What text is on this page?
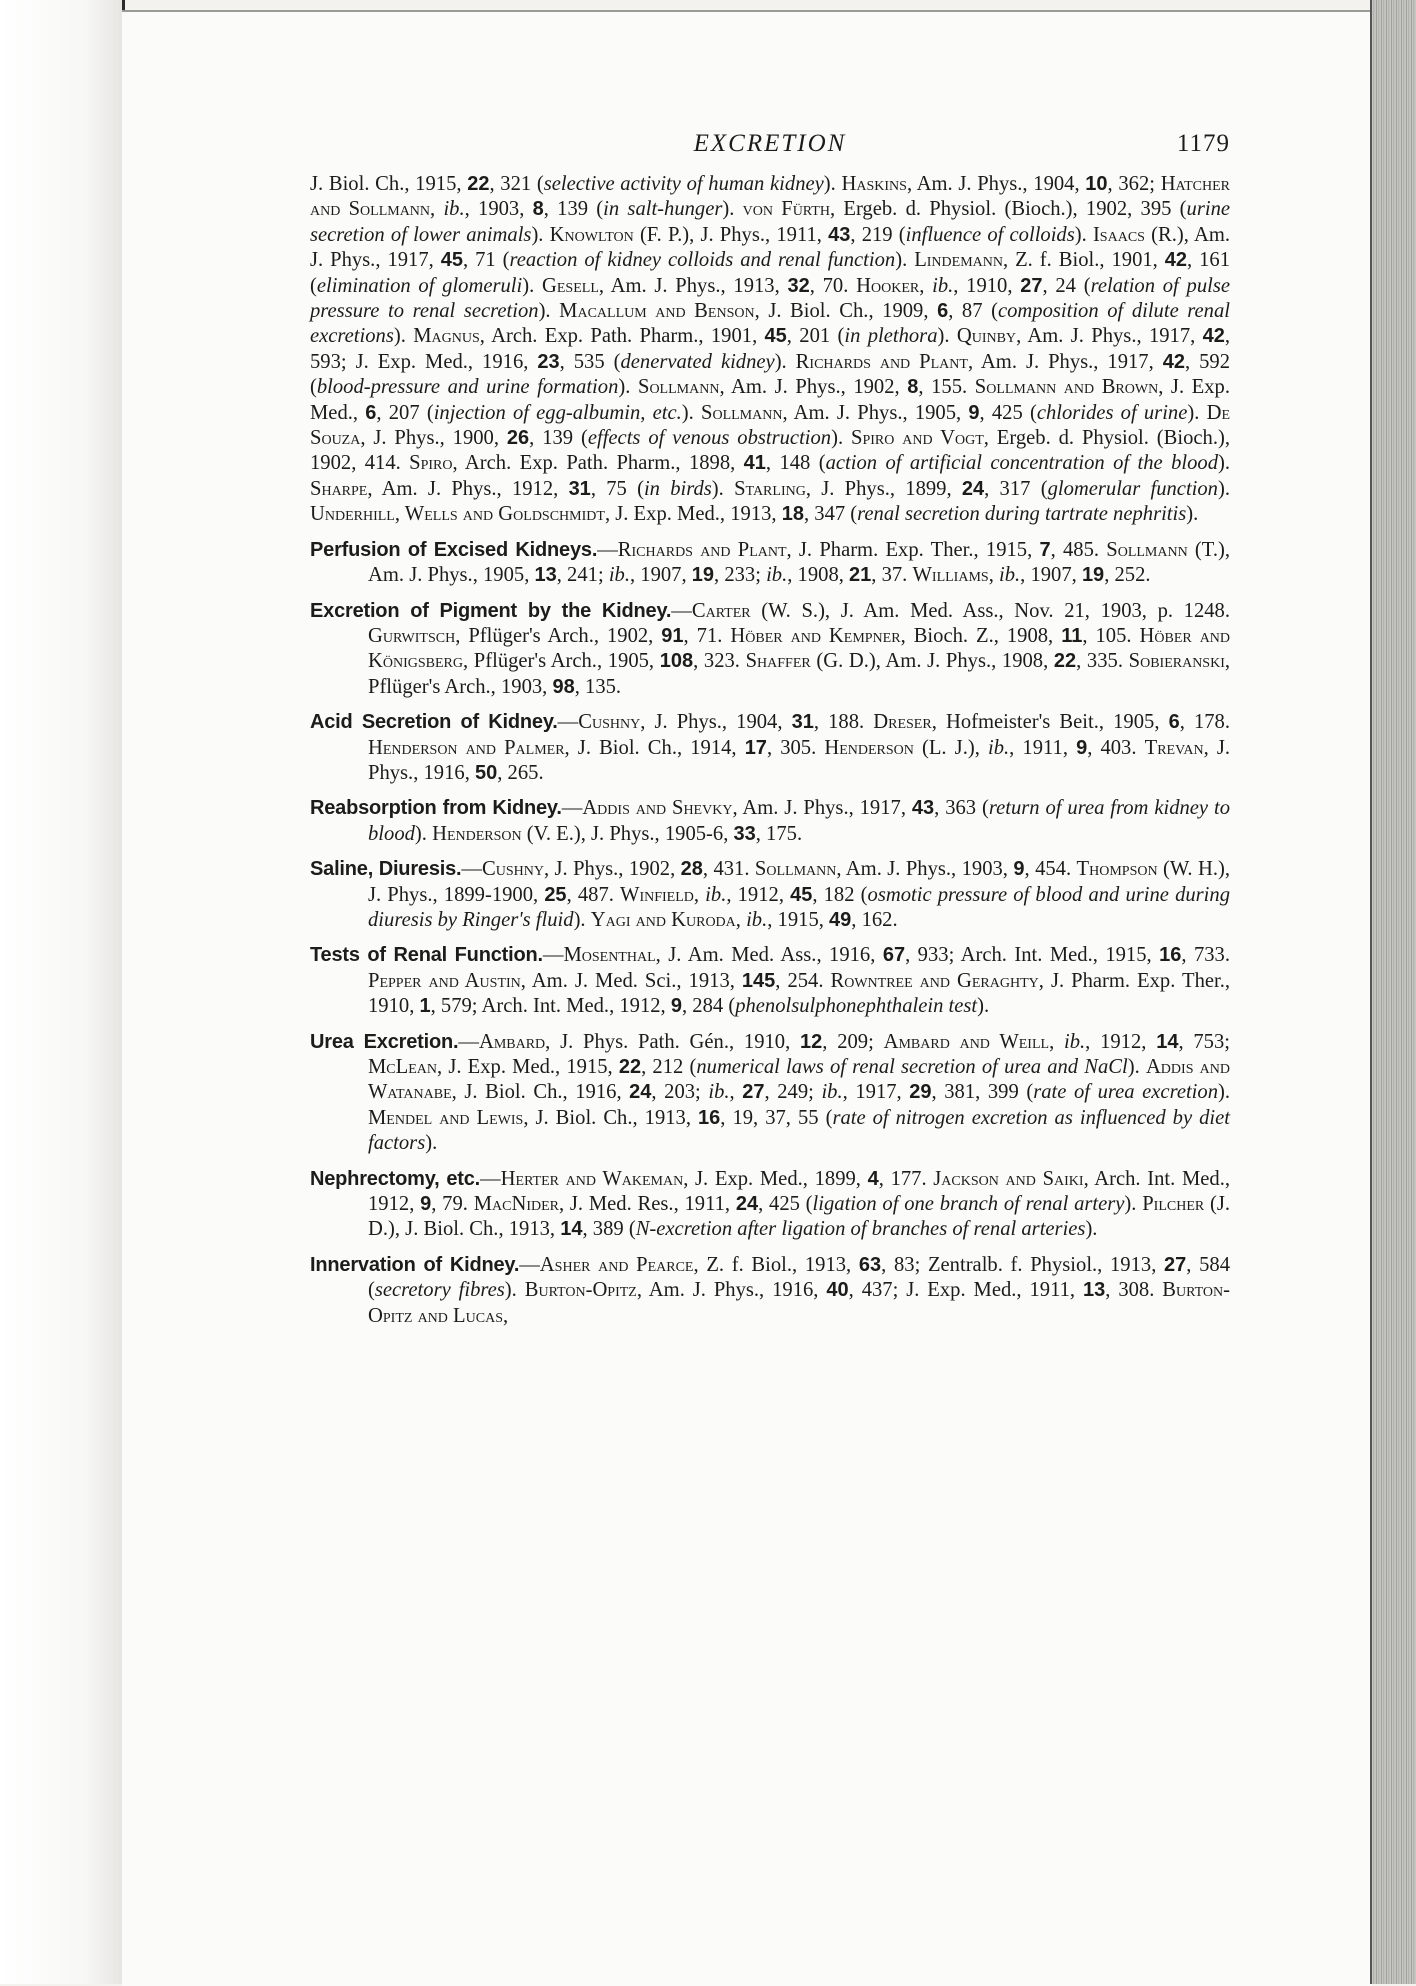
EXCRETION	1179

J. Biol. Ch., 1915, 22, 321 (selective activity of human kidney). Haskins, Am. J. Phys., 1904, 10, 362; Hatcher and Sollmann, ib., 1903, 8, 139 (in salt-hunger). von Fürth, Ergeb. d. Physiol. (Bioch.), 1902, 395 (urine secretion of lower animals). Knowlton (F. P.), J. Phys., 1911, 43, 219 (influence of colloids). Isaacs (R.), Am. J. Phys., 1917, 45, 71 (reaction of kidney colloids and renal function). Lindemann, Z. f. Biol., 1901, 42, 161 (elimination of glomeruli). Gesell, Am. J. Phys., 1913, 32, 70. Hooker, ib., 1910, 27, 24 (relation of pulse pressure to renal secretion). Macallum and Benson, J. Biol. Ch., 1909, 6, 87 (composition of dilute renal excretions). Magnus, Arch. Exp. Path. Pharm., 1901, 45, 201 (in plethora). Quinby, Am. J. Phys., 1917, 42, 593; J. Exp. Med., 1916, 23, 535 (denervated kidney). Richards and Plant, Am. J. Phys., 1917, 42, 592 (blood-pressure and urine formation). Sollmann, Am. J. Phys., 1902, 8, 155. Sollmann and Brown, J. Exp. Med., 6, 207 (injection of egg-albumin, etc.). Sollmann, Am. J. Phys., 1905, 9, 425 (chlorides of urine). De Souza, J. Phys., 1900, 26, 139 (effects of venous obstruction). Spiro and Vogt, Ergeb. d. Physiol. (Bioch.), 1902, 414. Spiro, Arch. Exp. Path. Pharm., 1898, 41, 148 (action of artificial concentration of the blood). Sharpe, Am. J. Phys., 1912, 31, 75 (in birds). Starling, J. Phys., 1899, 24, 317 (glomerular function). Underhill, Wells and Goldschmidt, J. Exp. Med., 1913, 18, 347 (renal secretion during tartrate nephritis).

Perfusion of Excised Kidneys.—Richards and Plant, J. Pharm. Exp. Ther., 1915, 7, 485. Sollmann (T.), Am. J. Phys., 1905, 13, 241; ib., 1907, 19, 233; ib., 1908, 21, 37. Williams, ib., 1907, 19, 252.

Excretion of Pigment by the Kidney.—Carter (W. S.), J. Am. Med. Ass., Nov. 21, 1903, p. 1248. Gurwitsch, Pflüger's Arch., 1902, 91, 71. Höber and Kempner, Bioch. Z., 1908, 11, 105. Höber and Königsberg, Pflüger's Arch., 1905, 108, 323. Shaffer (G. D.), Am. J. Phys., 1908, 22, 335. Sobieranski, Pflüger's Arch., 1903, 98, 135.

Acid Secretion of Kidney.—Cushny, J. Phys., 1904, 31, 188. Dreser, Hofmeister's Beit., 1905, 6, 178. Henderson and Palmer, J. Biol. Ch., 1914, 17, 305. Henderson (L. J.), ib., 1911, 9, 403. Trevan, J. Phys., 1916, 50, 265.

Reabsorption from Kidney.—Addis and Shevky, Am. J. Phys., 1917, 43, 363 (return of urea from kidney to blood). Henderson (V. E.), J. Phys., 1905-6, 33, 175.

Saline, Diuresis.—Cushny, J. Phys., 1902, 28, 431. Sollmann, Am. J. Phys., 1903, 9, 454. Thompson (W. H.), J. Phys., 1899-1900, 25, 487. Winfield, ib., 1912, 45, 182 (osmotic pressure of blood and urine during diuresis by Ringer's fluid). Yagi and Kuroda, ib., 1915, 49, 162.

Tests of Renal Function.—Mosenthal, J. Am. Med. Ass., 1916, 67, 933; Arch. Int. Med., 1915, 16, 733. Pepper and Austin, Am. J. Med. Sci., 1913, 145, 254. Rowntree and Geraghty, J. Pharm. Exp. Ther., 1910, 1, 579; Arch. Int. Med., 1912, 9, 284 (phenolsulphonephthalein test).

Urea Excretion.—Ambard, J. Phys. Path. Gén., 1910, 12, 209; Ambard and Weill, ib., 1912, 14, 753; McLean, J. Exp. Med., 1915, 22, 212 (numerical laws of renal secretion of urea and NaCl). Addis and Watanabe, J. Biol. Ch., 1916, 24, 203; ib., 27, 249; ib., 1917, 29, 381, 399 (rate of urea excretion). Mendel and Lewis, J. Biol. Ch., 1913, 16, 19, 37, 55 (rate of nitrogen excretion as influenced by diet factors).

Nephrectomy, etc.—Herter and Wakeman, J. Exp. Med., 1899, 4, 177. Jackson and Saiki, Arch. Int. Med., 1912, 9, 79. MacNider, J. Med. Res., 1911, 24, 425 (ligation of one branch of renal artery). Pilcher (J. D.), J. Biol. Ch., 1913, 14, 389 (N-excretion after ligation of branches of renal arteries).

Innervation of Kidney.—Asher and Pearce, Z. f. Biol., 1913, 63, 83; Zentralb. f. Physiol., 1913, 27, 584 (secretory fibres). Burton-Opitz, Am. J. Phys., 1916, 40, 437; J. Exp. Med., 1911, 13, 308. Burton-Opitz and Lucas,
